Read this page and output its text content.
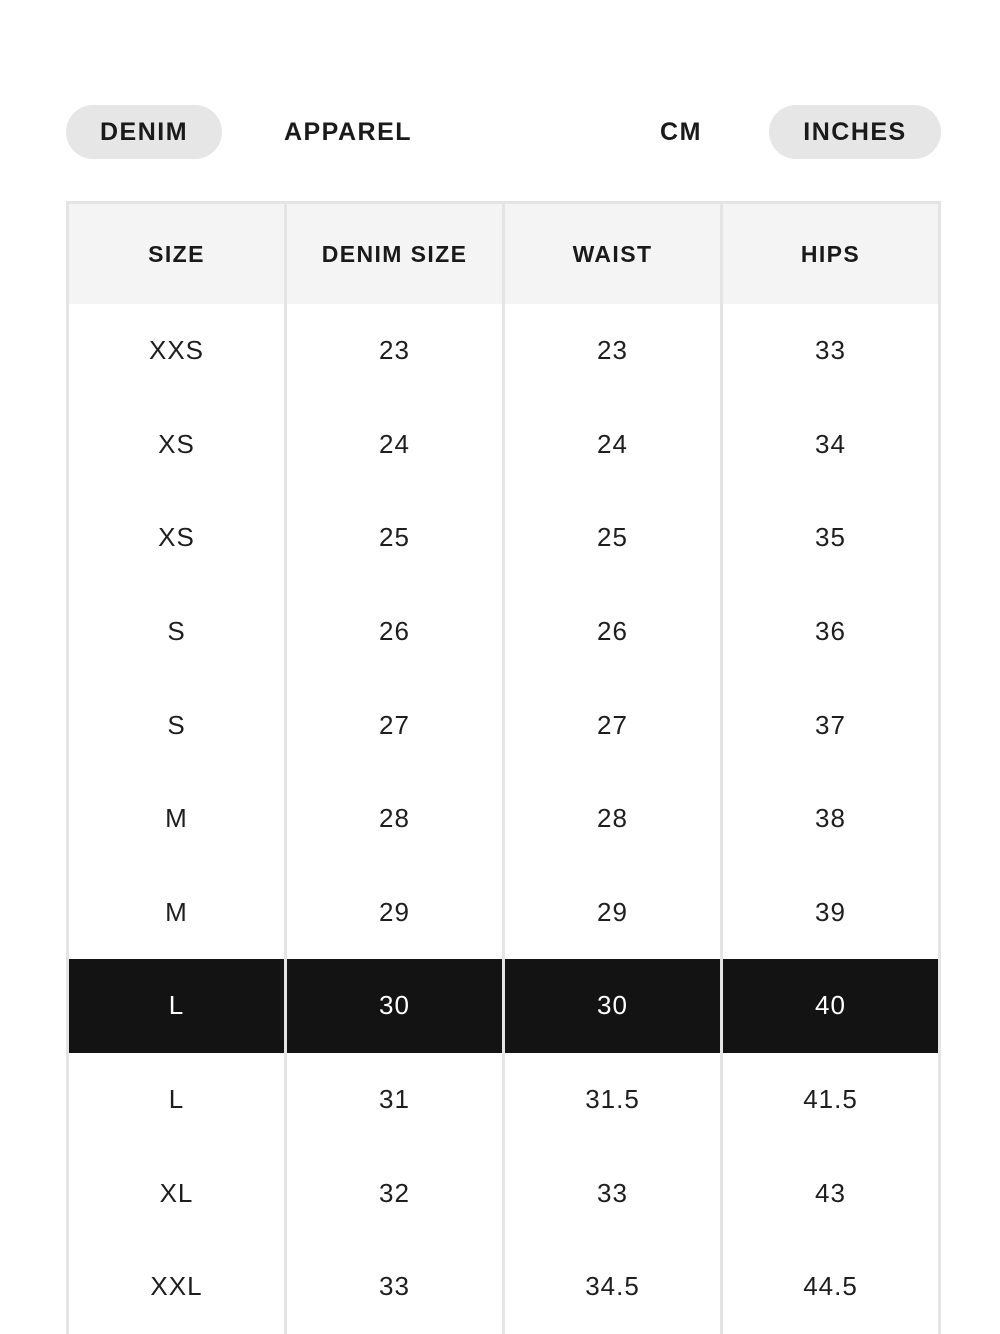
DENIM	APPAREL	CM	INCHES
SIZE	DENIM SIZE	WAIST	HIPS
XXS	23	23	33
XS	24	24	34
XS	25	25	35
S	26	26	36
S	27	27	37
M	28	28	38
M	29	29	39
L	30	30	40
L	31	31.5	41.5
XL	32	33	43
XXL	33	34.5	44.5
